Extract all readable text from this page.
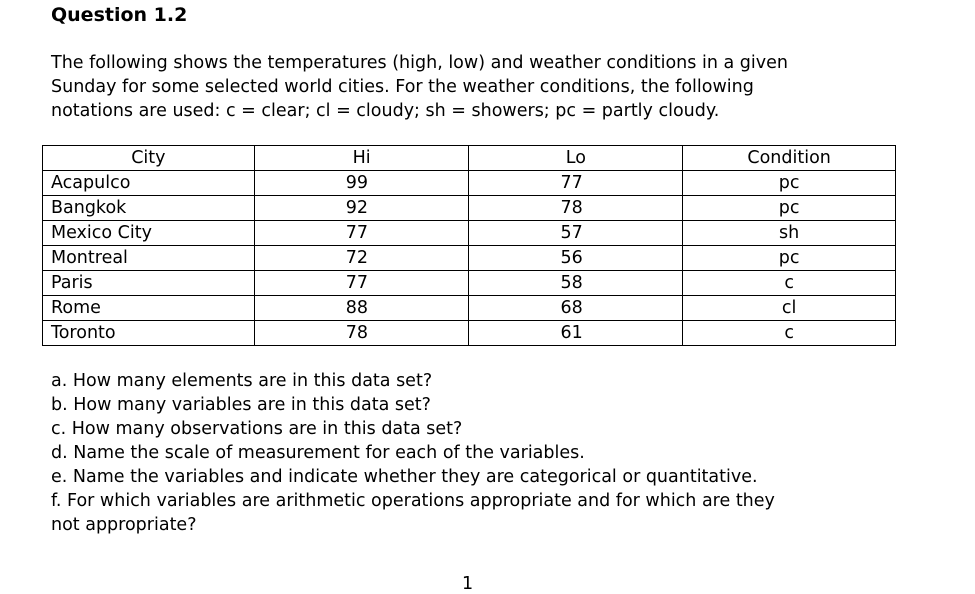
Question 1.2

The following shows the temperatures (high, low) and weather conditions in a given
Sunday for some selected world cities. For the weather conditions, the following
notations are used: c = clear; cl = cloudy; sh = showers; pc = partly cloudy.

City	Hi	Lo	Condition
Acapulco	99	77	pc
Bangkok	92	78	pc
Mexico City	77	57	sh
Montreal	72	56	pc
Paris	77	58	c
Rome	88	68	cl
Toronto	78	61	c

a. How many elements are in this data set?
b. How many variables are in this data set?
c. How many observations are in this data set?
d. Name the scale of measurement for each of the variables.
e. Name the variables and indicate whether they are categorical or quantitative.
f. For which variables are arithmetic operations appropriate and for which are they
not appropriate?

1
